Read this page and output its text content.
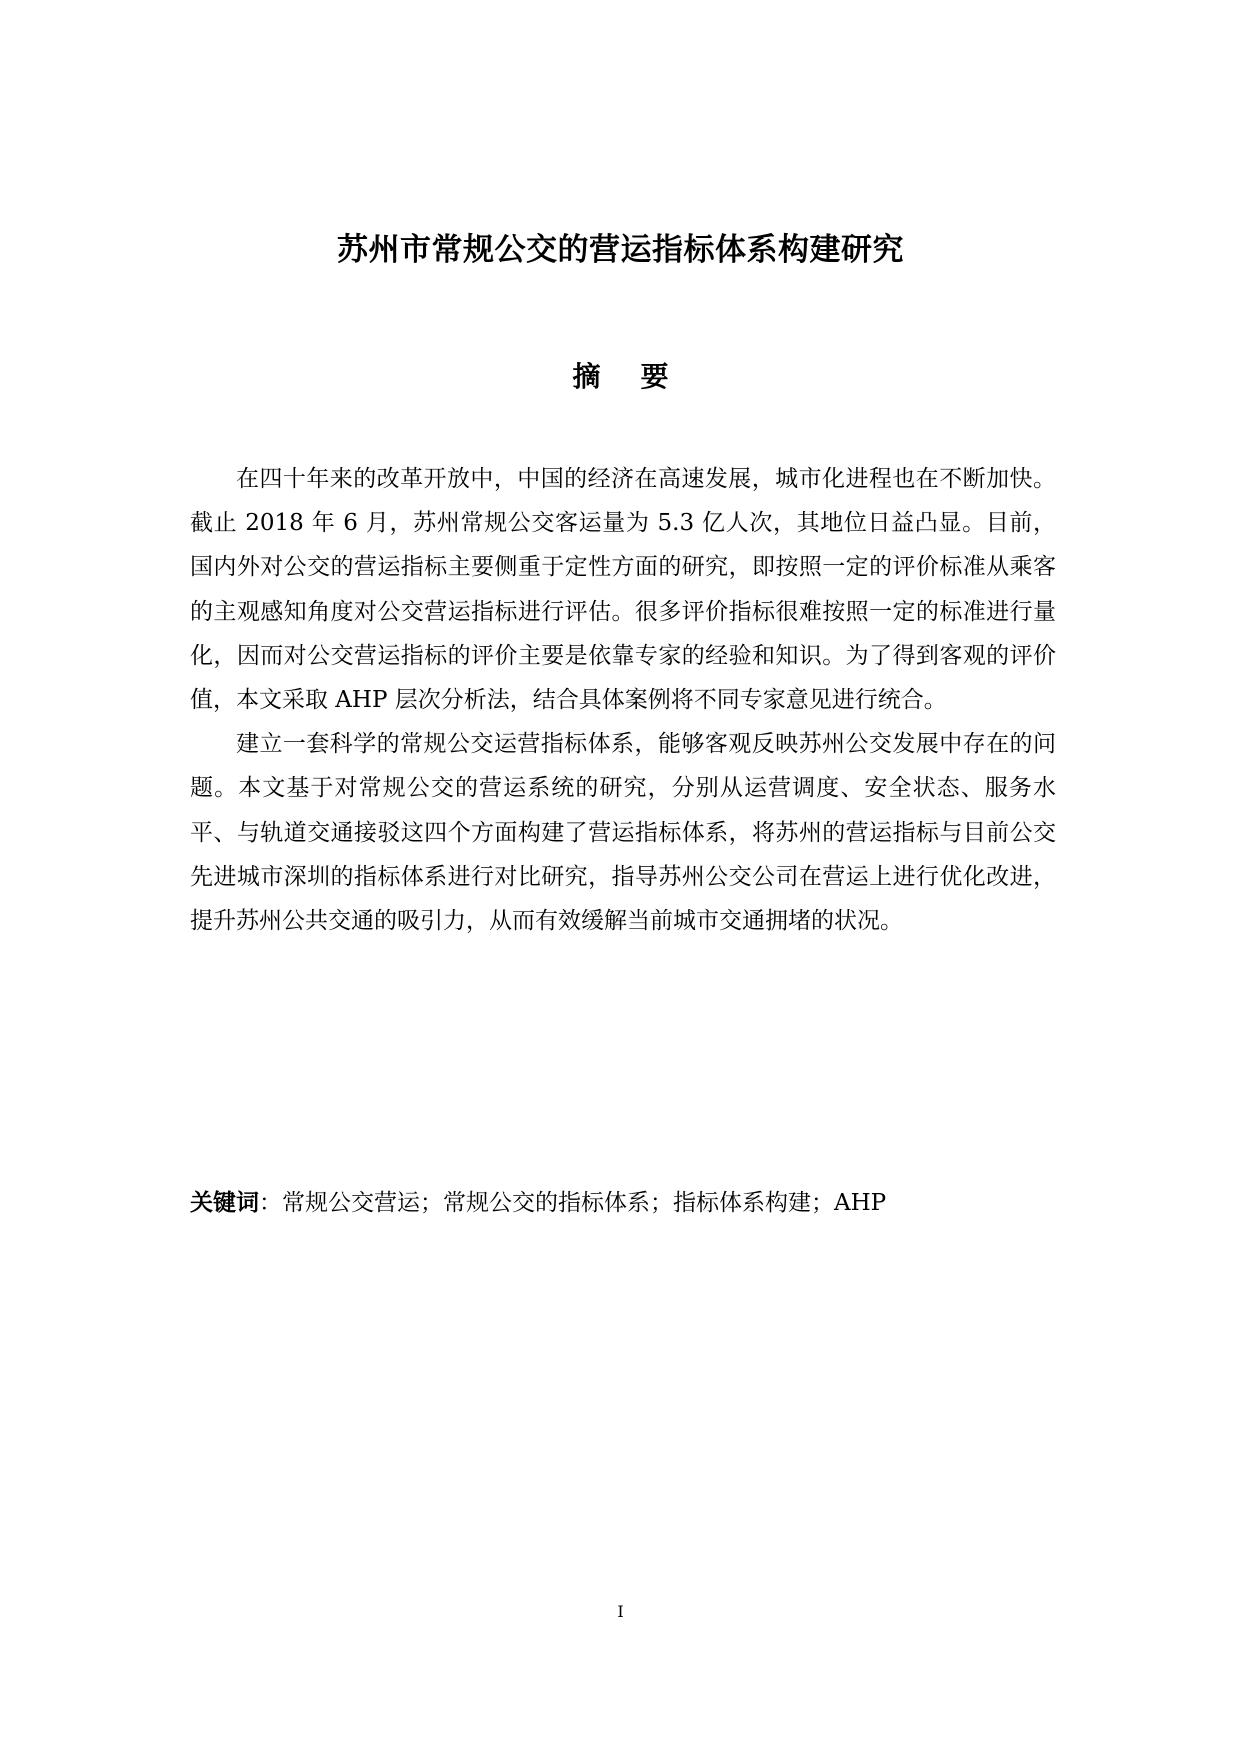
苏州市常规公交的营运指标体系构建研究
摘要

在四十年来的改革开放中，中国的经济在高速发展，城市化进程也在不断加快。截止 2018 年 6 月，苏州常规公交客运量为 5.3 亿人次，其地位日益凸显。目前，国内外对公交的营运指标主要侧重于定性方面的研究，即按照一定的评价标准从乘客的主观感知角度对公交营运指标进行评估。很多评价指标很难按照一定的标准进行量化，因而对公交营运指标的评价主要是依靠专家的经验和知识。为了得到客观的评价值，本文采取 AHP 层次分析法，结合具体案例将不同专家意见进行统合。

建立一套科学的常规公交运营指标体系，能够客观反映苏州公交发展中存在的问题。本文基于对常规公交的营运系统的研究，分别从运营调度、安全状态、服务水平、与轨道交通接驳这四个方面构建了营运指标体系，将苏州的营运指标与目前公交先进城市深圳的指标体系进行对比研究，指导苏州公交公司在营运上进行优化改进，提升苏州公共交通的吸引力，从而有效缓解当前城市交通拥堵的状况。

关键词：常规公交营运；常规公交的指标体系；指标体系构建；AHP
I
